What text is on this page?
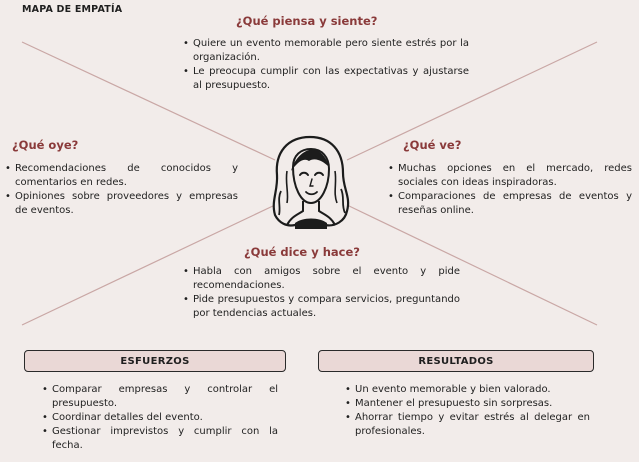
MAPA DE EMPATÍA
¿Qué piensa y siente?
• Quiere un evento memorable pero siente estrés por la organización.
• Le preocupa cumplir con las expectativas y ajustarse al presupuesto.
¿Qué oye?
• Recomendaciones de conocidos y comentarios en redes.
• Opiniones sobre proveedores y empresas de eventos.
¿Qué ve?
• Muchas opciones en el mercado, redes sociales con ideas inspiradoras.
• Comparaciones de empresas de eventos y reseñas online.
¿Qué dice y hace?
• Habla con amigos sobre el evento y pide recomendaciones.
• Pide presupuestos y compara servicios, preguntando por tendencias actuales.
ESFUERZOS
• Comparar empresas y controlar el presupuesto.
• Coordinar detalles del evento.
• Gestionar imprevistos y cumplir con la fecha.
RESULTADOS
• Un evento memorable y bien valorado.
• Mantener el presupuesto sin sorpresas.
• Ahorrar tiempo y evitar estrés al delegar en profesionales.
